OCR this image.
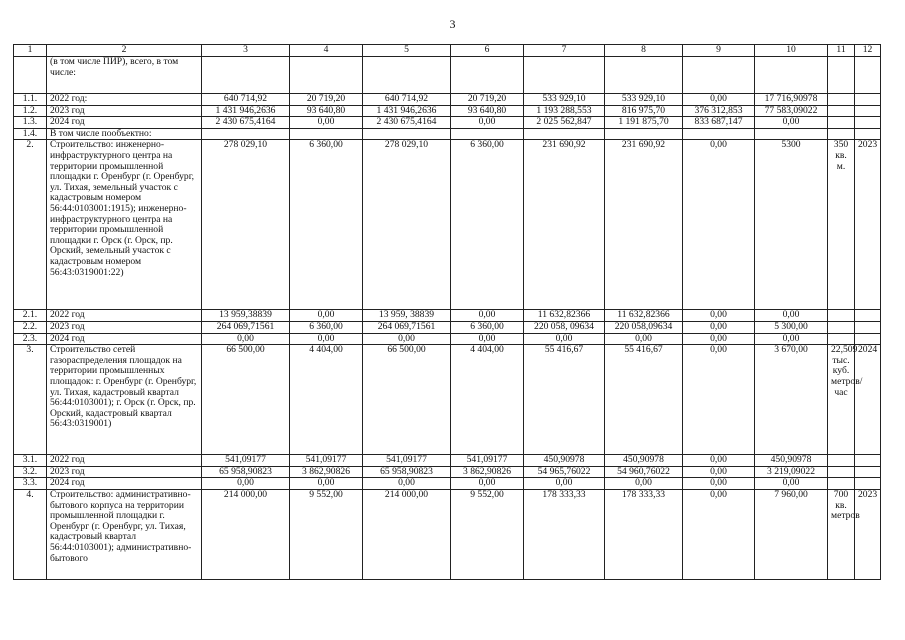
3
1	2	3	4	5	6	7	8	9	10	11	12
	(в том числе ПИР), всего, в том числе:										
1.1.	2022 год:	640 714,92	20 719,20	640 714,92	20 719,20	533 929,10	533 929,10	0,00	17 716,90978		
1.2.	2023 год	1 431 946,2636	93 640,80	1 431 946,2636	93 640,80	1 193 288,553	816 975,70	376 312,853	77 583,09022		
1.3.	2024 год	2 430 675,4164	0,00	2 430 675,4164	0,00	2 025 562,847	1 191 875,70	833 687,147	0,00		
1.4.	В том числе пообъектно:										
2.	Строительство: инженерно-инфраструктурного центра на территории промышленной площадки г. Оренбург (г. Оренбург, ул. Тихая, земельный участок с кадастровым номером 56:44:0103001:1915); инженерно-инфраструктурного центра на территории промышленной площадки г. Орск (г. Орск, пр. Орский, земельный участок с кадастровым номером 56:43:0319001:22)	278 029,10	6 360,00	278 029,10	6 360,00	231 690,92	231 690,92	0,00	5300	350 кв. м.	2023
2.1.	2022 год	13 959,38839	0,00	13 959, 38839	0,00	11 632,82366	11 632,82366	0,00	0,00		
2.2.	2023 год	264 069,71561	6 360,00	264 069,71561	6 360,00	220 058, 09634	220 058,09634	0,00	5 300,00		
2.3.	2024 год	0,00	0,00	0,00	0,00	0,00	0,00	0,00	0,00		
3.	Строительство сетей газораспределения площадок на территории промышленных площадок: г. Оренбург (г. Оренбург, ул. Тихая, кадастровый квартал 56:44:0103001); г. Орск (г. Орск, пр. Орский, кадастровый квартал 56:43:0319001)	66 500,00	4 404,00	66 500,00	4 404,00	55 416,67	55 416,67	0,00	3 670,00	22,509 тыс. куб. метров/час	2024
3.1.	2022 год	541,09177	541,09177	541,09177	541,09177	450,90978	450,90978	0,00	450,90978		
3.2.	2023 год	65 958,90823	3 862,90826	65 958,90823	3 862,90826	54 965,76022	54 960,76022	0,00	3 219,09022		
3.3.	2024 год	0,00	0,00	0,00	0,00	0,00	0,00	0,00	0,00		
4.	Строительство: административно-бытового корпуса на территории промышленной площадки г. Оренбург (г. Оренбург, ул. Тихая, кадастровый квартал 56:44:0103001); административно-бытового	214 000,00	9 552,00	214 000,00	9 552,00	178 333,33	178 333,33	0,00	7 960,00	700 кв. метров	2023
